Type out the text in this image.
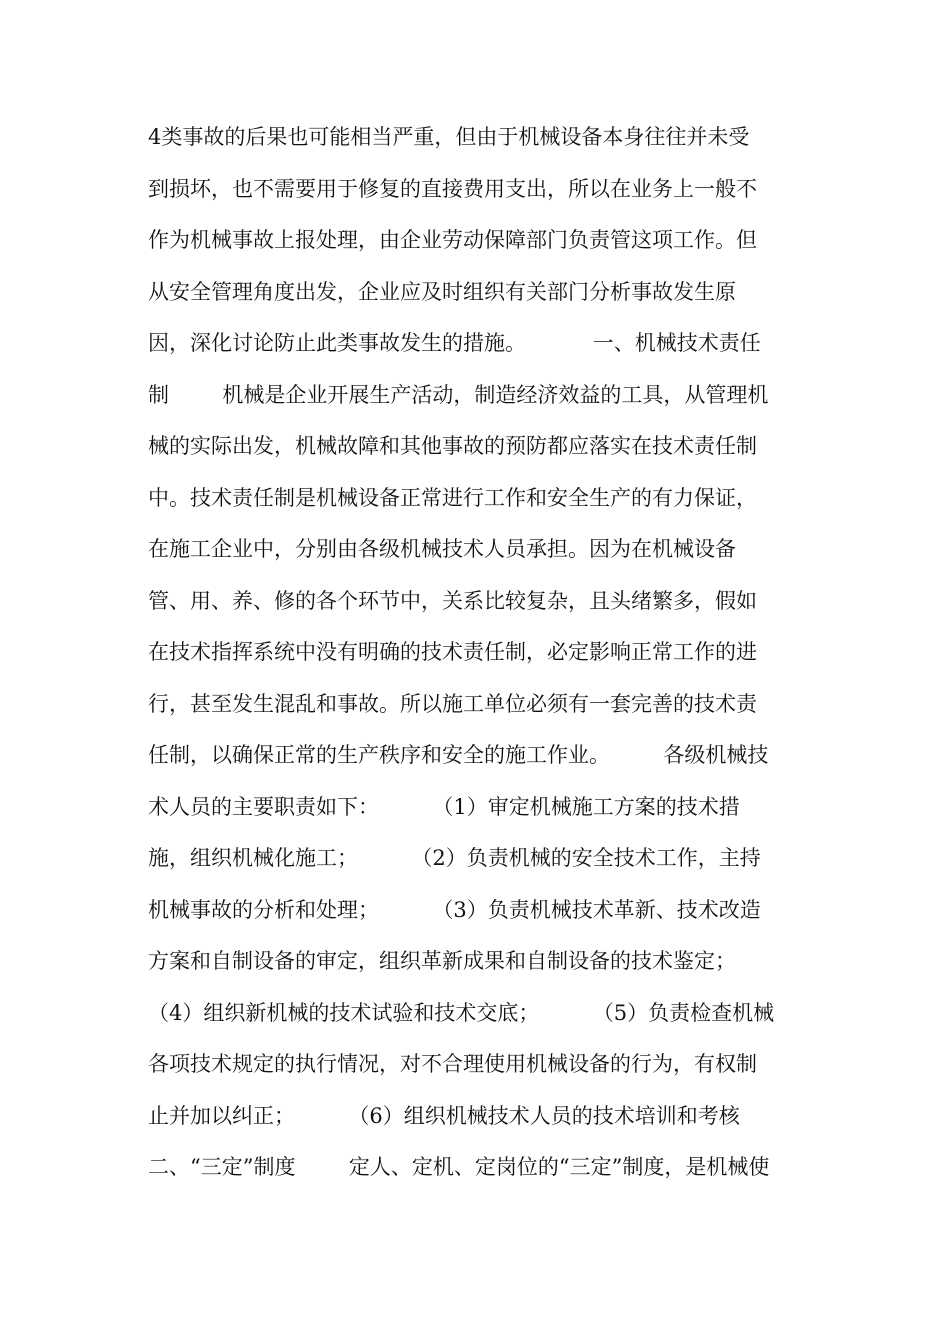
4类事故的后果也可能相当严重，但由于机械设备本身往往并未受
到损坏，也不需要用于修复的直接费用支出，所以在业务上一般不
作为机械事故上报处理，由企业劳动保障部门负责管这项工作。但
从安全管理角度出发，企业应及时组织有关部门分析事故发生原
因，深化讨论防止此类事故发生的措施。          一、机械技术责任
制        机械是企业开展生产活动，制造经济效益的工具，从管理机
械的实际出发，机械故障和其他事故的预防都应落实在技术责任制
中。技术责任制是机械设备正常进行工作和安全生产的有力保证，
在施工企业中，分别由各级机械技术人员承担。因为在机械设备
管、用、养、修的各个环节中，关系比较复杂，且头绪繁多，假如
在技术指挥系统中没有明确的技术责任制，必定影响正常工作的进
行，甚至发生混乱和事故。所以施工单位必须有一套完善的技术责
任制，以确保正常的生产秩序和安全的施工作业。        各级机械技
术人员的主要职责如下：        （1）审定机械施工方案的技术措
施，组织机械化施工；        （2）负责机械的安全技术工作，主持
机械事故的分析和处理；        （3）负责机械技术革新、技术改造
方案和自制设备的审定，组织革新成果和自制设备的技术鉴定；
（4）组织新机械的技术试验和技术交底；        （5）负责检查机械
各项技术规定的执行情况，对不合理使用机械设备的行为，有权制
止并加以纠正；        （6）组织机械技术人员的技术培训和考核
二、“三定”制度        定人、定机、定岗位的“三定”制度，是机械使
